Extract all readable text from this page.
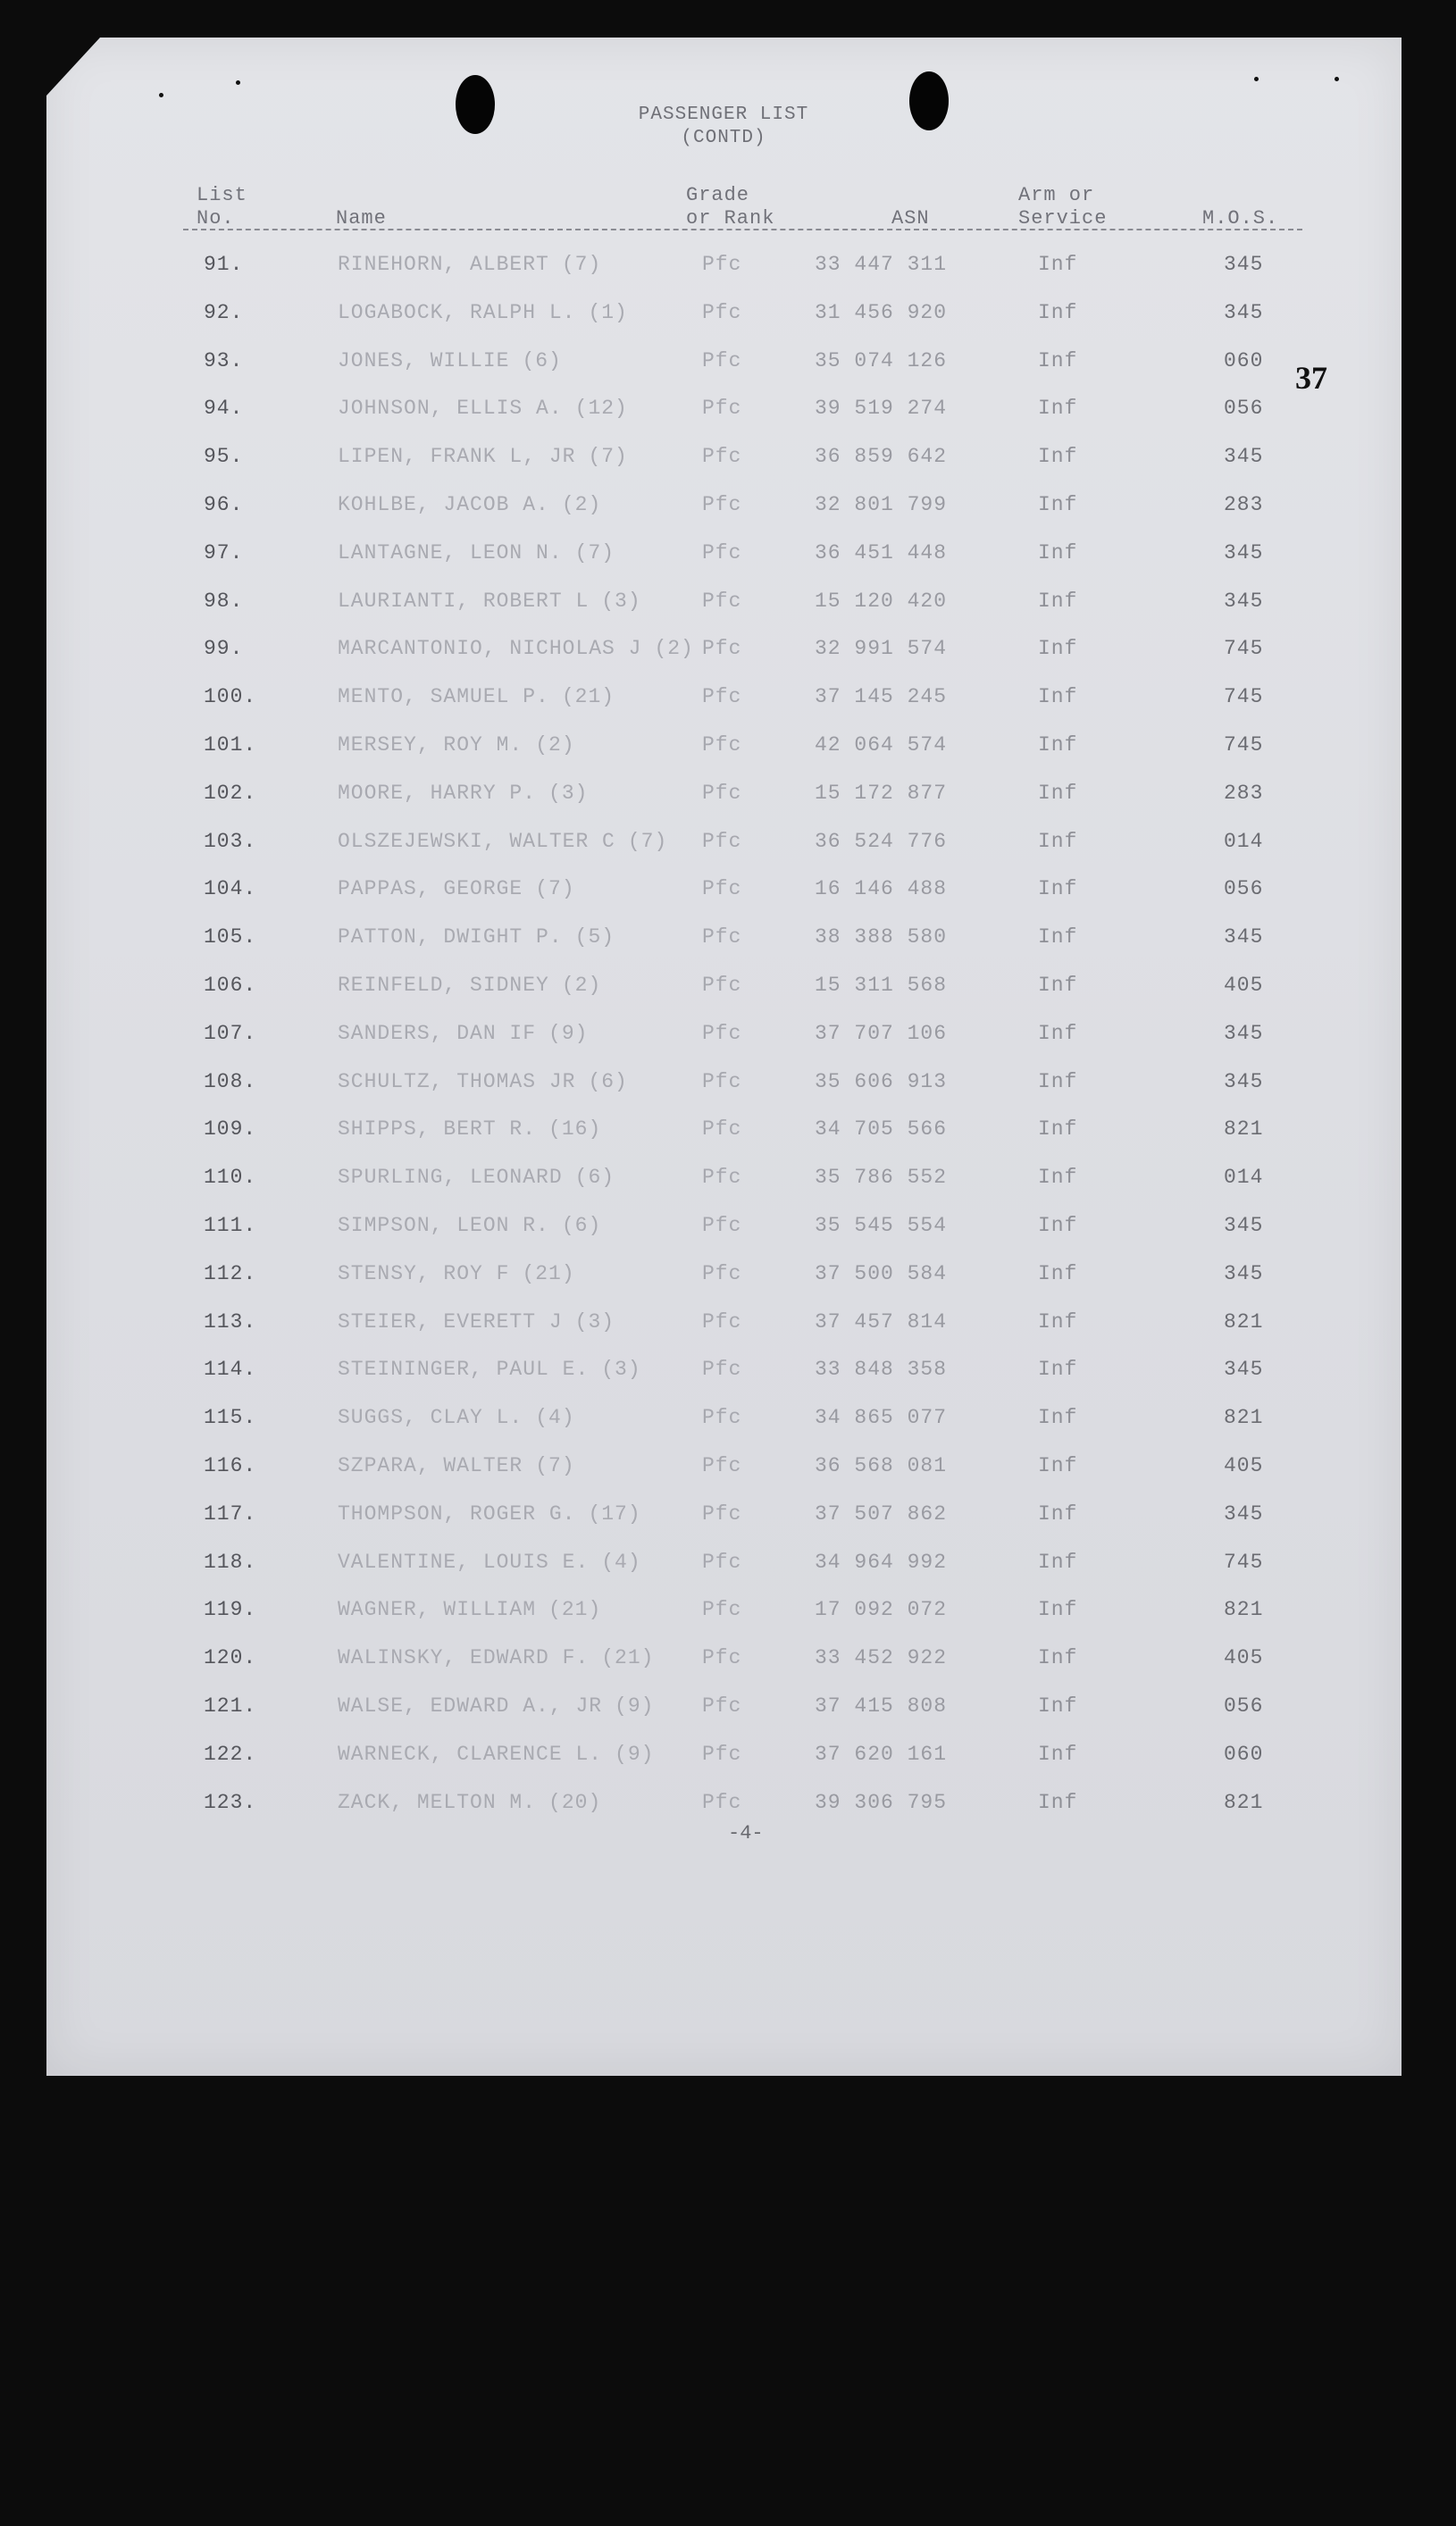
PASSENGER LIST
(CONTD)
List
No.	Name
Grade
or Rank	ASN
Arm or
Service	M.O.S.
37
91.	RINEHORN, ALBERT (7)	Pfc	33 447 311	Inf	345
92.	LOGABOCK, RALPH L. (1)	Pfc	31 456 920	Inf	345
93.	JONES, WILLIE (6)	Pfc	35 074 126	Inf	060
94.	JOHNSON, ELLIS A. (12)	Pfc	39 519 274	Inf	056
95.	LIPEN, FRANK L, JR (7)	Pfc	36 859 642	Inf	345
96.	KOHLBE, JACOB A. (2)	Pfc	32 801 799	Inf	283
97.	LANTAGNE, LEON N. (7)	Pfc	36 451 448	Inf	345
98.	LAURIANTI, ROBERT L (3)	Pfc	15 120 420	Inf	345
99.	MARCANTONIO, NICHOLAS J (2) Pfc	32 991 574	Inf	745
100.	MENTO, SAMUEL P. (21)	Pfc	37 145 245	Inf	745
101.	MERSEY, ROY M. (2)	Pfc	42 064 574	Inf	745
102.	MOORE, HARRY P. (3)	Pfc	15 172 877	Inf	283
103.	OLSZEJEWSKI, WALTER C (7) Pfc	36 524 776	Inf	014
104.	PAPPAS, GEORGE (7)	Pfc	16 146 488	Inf	056
105.	PATTON, DWIGHT P. (5)	Pfc	38 388 580	Inf	345
106.	REINFELD, SIDNEY (2)	Pfc	15 311 568	Inf	405
107.	SANDERS, DAN IF (9)	Pfc	37 707 106	Inf	345
108.	SCHULTZ, THOMAS JR (6)	Pfc	35 606 913	Inf	345
109.	SHIPPS, BERT R. (16)	Pfc	34 705 566	Inf	821
110.	SPURLING, LEONARD (6)	Pfc	35 786 552	Inf	014
111.	SIMPSON, LEON R. (6)	Pfc	35 545 554	Inf	345
112.	STENSY, ROY F (21)	Pfc	37 500 584	Inf	345
113.	STEIER, EVERETT J (3)	Pfc	37 457 814	Inf	821
114.	STEININGER, PAUL E. (3)	Pfc	33 848 358	Inf	345
115.	SUGGS, CLAY L. (4)	Pfc	34 865 077	Inf	821
116.	SZPARA, WALTER (7)	Pfc	36 568 081	Inf	405
117.	THOMPSON, ROGER G. (17)	Pfc	37 507 862	Inf	345
118.	VALENTINE, LOUIS E. (4)	Pfc	34 964 992	Inf	745
119.	WAGNER, WILLIAM (21)	Pfc	17 092 072	Inf	821
120.	WALINSKY, EDWARD F. (21) Pfc	33 452 922	Inf	405
121.	WALSE, EDWARD A., JR (9) Pfc	37 415 808	Inf	056
122.	WARNECK, CLARENCE L. (9) Pfc	37 620 161	Inf	060
123.	ZACK, MELTON M. (20)	Pfc	39 306 795	Inf	821
-4-
